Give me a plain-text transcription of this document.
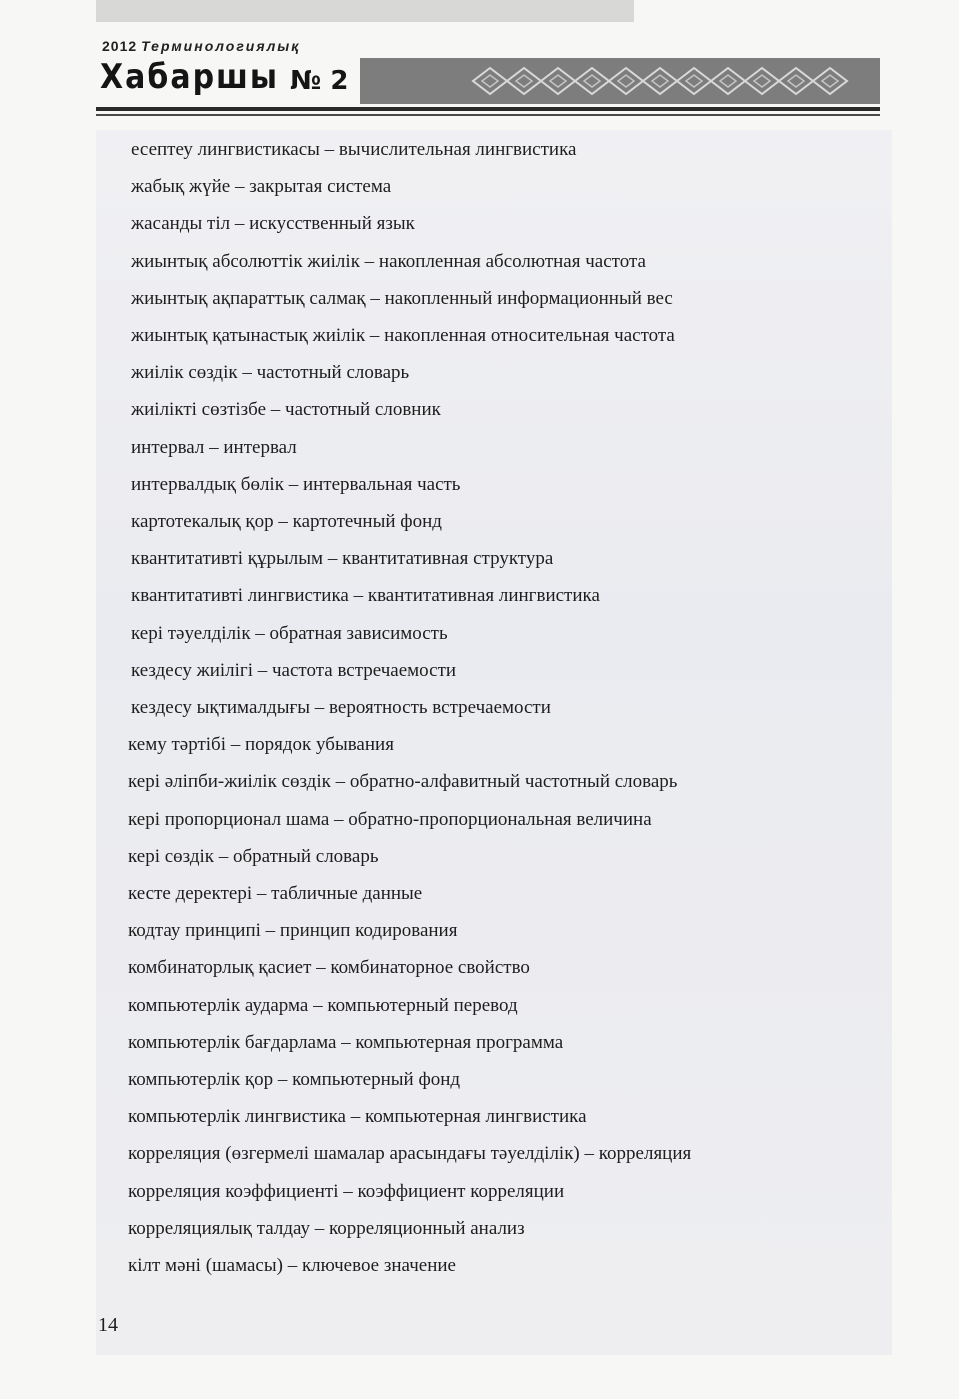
2012 Терминологиялық
Хабаршы № 2
есептеу лингвистикасы – вычислительная лингвистика
жабық жүйе – закрытая система
жасанды тіл – искусственный язык
жиынтық абсолюттік жиілік – накопленная абсолютная частота
жиынтық ақпараттық салмақ – накопленный информационный вес
жиынтық қатынастық жиілік – накопленная относительная частота
жиілік сөздік – частотный словарь
жиілікті сөзтізбе – частотный словник
интервал – интервал
интервалдық бөлік – интервальная часть
картотекалық қор – картотечный фонд
квантитативті құрылым – квантитативная структура
квантитативті лингвистика – квантитативная лингвистика
кері тәуелділік – обратная зависимость
кездесу жиілігі – частота встречаемости
кездесу ықтималдығы – вероятность встречаемости
кему тәртібі – порядок убывания
кері әліпби-жиілік сөздік – обратно-алфавитный частотный словарь
кері пропорционал шама – обратно-пропорциональная величина
кері сөздік – обратный словарь
кесте деректері – табличные данные
кодтау принципі – принцип кодирования
комбинаторлық қасиет – комбинаторное свойство
компьютерлік аударма – компьютерный перевод
компьютерлік бағдарлама – компьютерная программа
компьютерлік қор – компьютерный фонд
компьютерлік лингвистика – компьютерная лингвистика
корреляция (өзгермелі шамалар арасындағы тәуелділік) – корреляция
корреляция коэффициенті – коэффициент корреляции
корреляциялық талдау – корреляционный анализ
кілт мәні (шамасы) – ключевое значение
14
